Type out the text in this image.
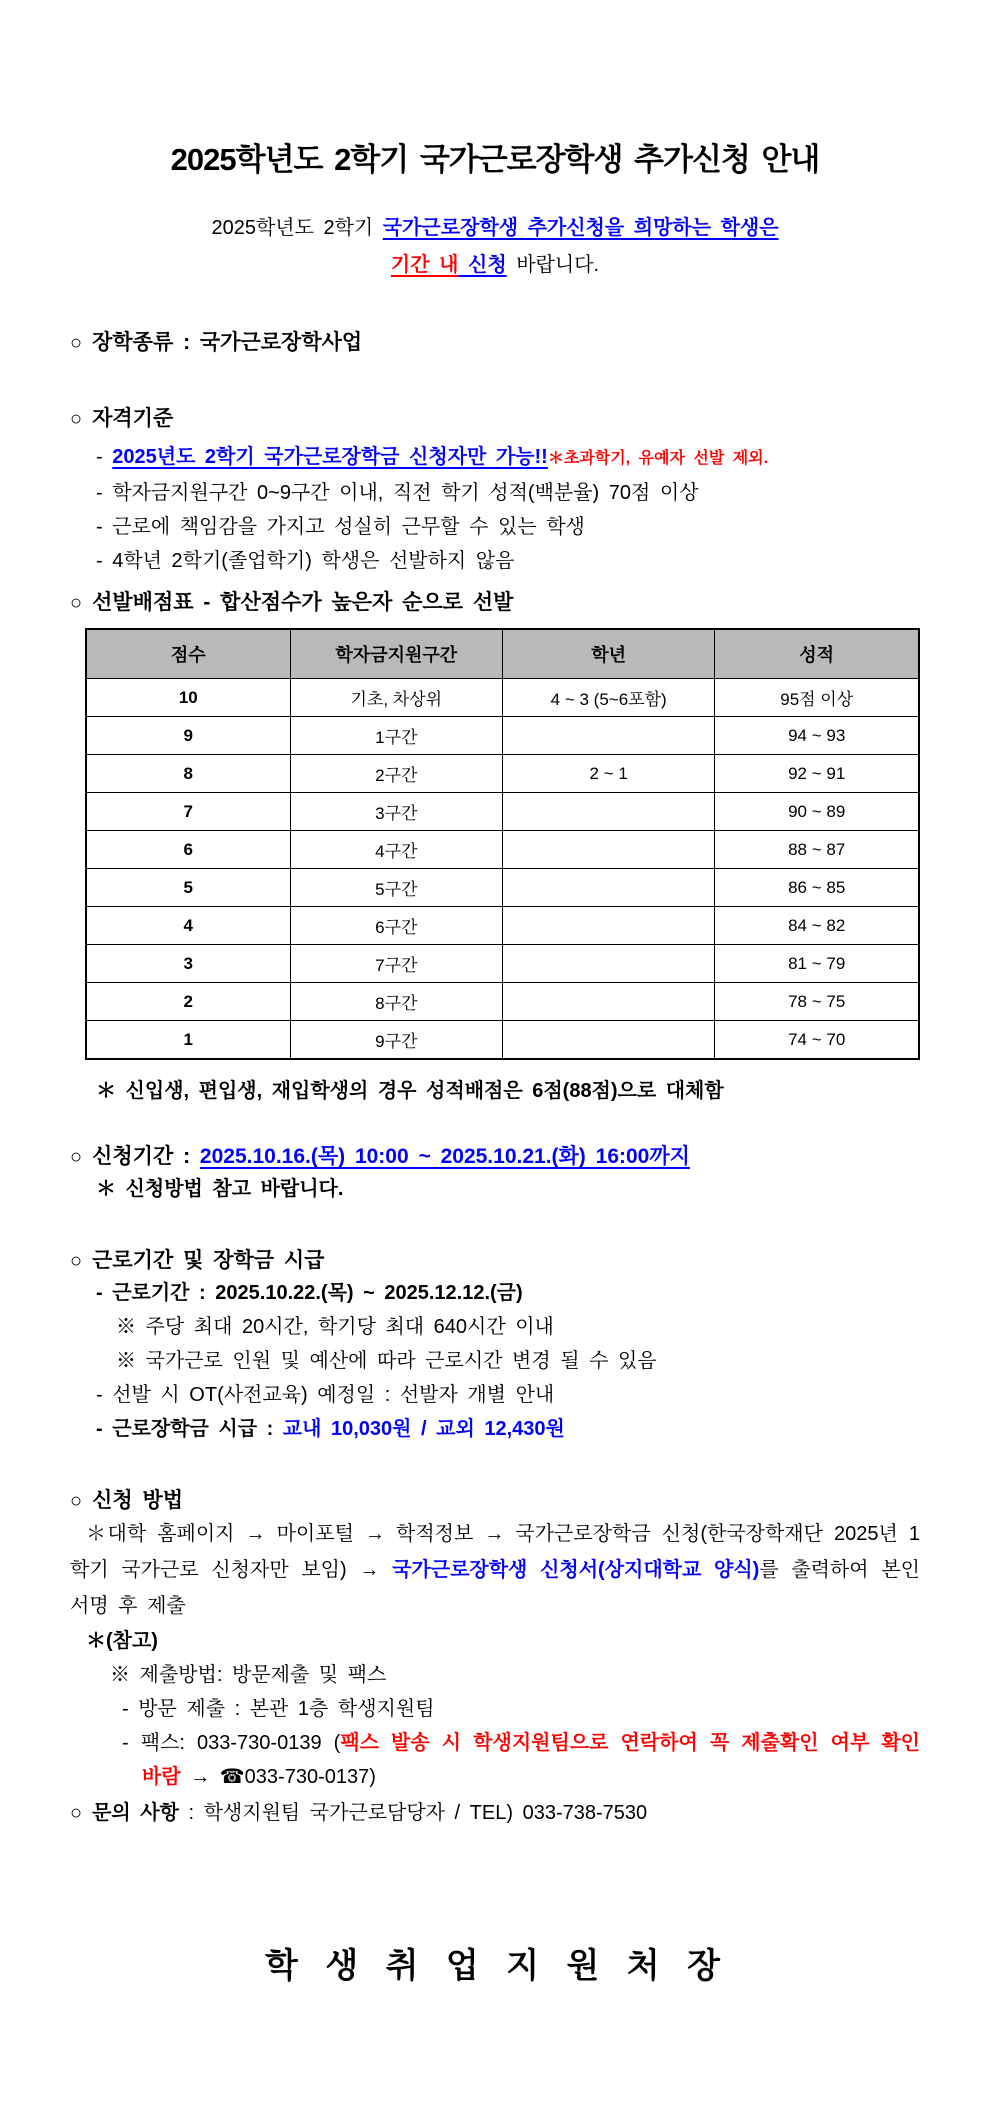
2025학년도 2학기 국가근로장학생 추가신청 안내
2025학년도 2학기 국가근로장학생 추가신청을 희망하는 학생은
기간 내 신청 바랍니다.
○ 장학종류 : 국가근로장학사업
○ 자격기준
- 2025년도 2학기 국가근로장학금 신청자만 가능!!＊초과학기, 유예자 선발 제외.
- 학자금지원구간 0~9구간 이내, 직전 학기 성적(백분율) 70점 이상
- 근로에 책임감을 가지고 성실히 근무할 수 있는 학생
- 4학년 2학기(졸업학기) 학생은 선발하지 않음
○ 선발배점표 - 합산점수가 높은자 순으로 선발
점수	학자금지원구간	학년	성적
10	기초, 차상위	4 ~ 3 (5~6포함)	95점 이상
9	1구간		94 ~ 93
8	2구간	2 ~ 1	92 ~ 91
7	3구간		90 ~ 89
6	4구간		88 ~ 87
5	5구간		86 ~ 85
4	6구간		84 ~ 82
3	7구간		81 ~ 79
2	8구간		78 ~ 75
1	9구간		74 ~ 70
＊ 신입생, 편입생, 재입학생의 경우 성적배점은 6점(88점)으로 대체함
○ 신청기간 : 2025.10.16.(목) 10:00 ~ 2025.10.21.(화) 16:00까지
＊ 신청방법 참고 바랍니다.
○ 근로기간 및 장학금 시급
- 근로기간 : 2025.10.22.(목) ~ 2025.12.12.(금)
※ 주당 최대 20시간, 학기당 최대 640시간 이내
※ 국가근로 인원 및 예산에 따라 근로시간 변경 될 수 있음
- 선발 시 OT(사전교육) 예정일 : 선발자 개별 안내
- 근로장학금 시급 : 교내 10,030원 / 교외 12,430원
○ 신청 방법
＊대학 홈페이지 → 마이포털 → 학적정보 → 국가근로장학금 신청(한국장학재단 2025년 1학기 국가근로 신청자만 보임) → 국가근로장학생 신청서(상지대학교 양식)를 출력하여 본인 서명 후 제출
＊(참고)
※ 제출방법: 방문제출 및 팩스
- 방문 제출 : 본관 1층 학생지원팀
- 팩스: 033-730-0139 (팩스 발송 시 학생지원팀으로 연락하여 꼭 제출확인 여부 확인 바람 → ☎033-730-0137)
○ 문의 사항 : 학생지원팀 국가근로담당자 / TEL) 033-738-7530
학 생 취 업 지 원 처 장
